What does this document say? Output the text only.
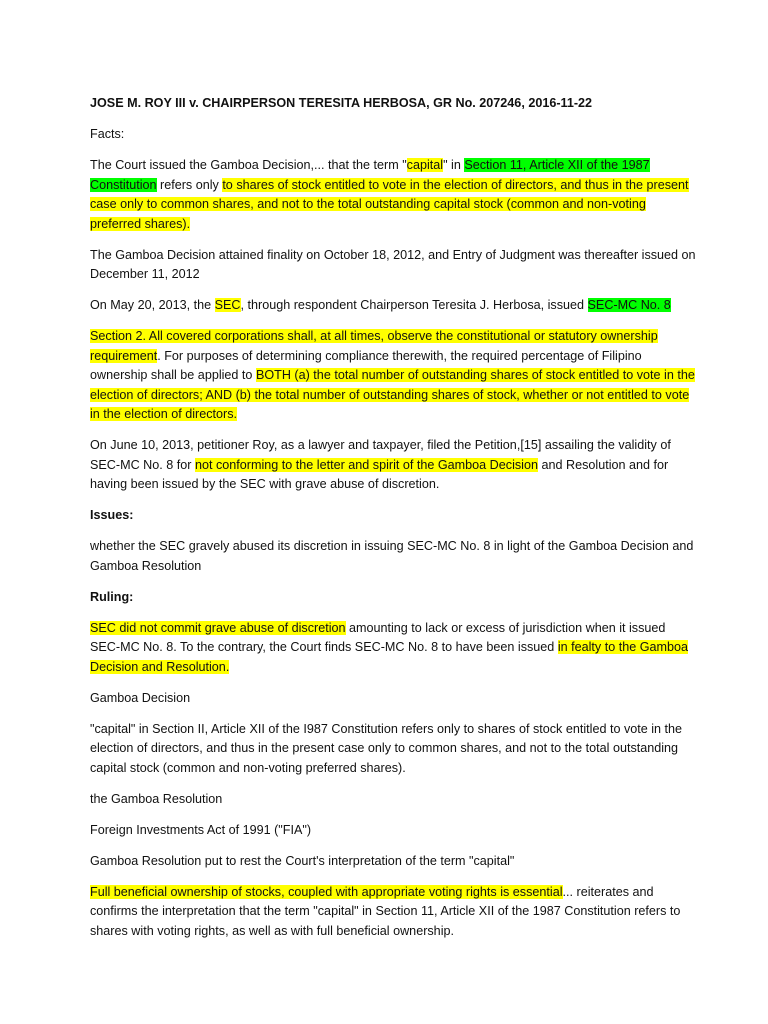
JOSE M. ROY III v. CHAIRPERSON TERESITA HERBOSA, GR No. 207246, 2016-11-22

Facts:

The Court issued the Gamboa Decision,... that the term "capital" in Section 11, Article XII of the 1987 Constitution refers only to shares of stock entitled to vote in the election of directors, and thus in the present case only to common shares, and not to the total outstanding capital stock (common and non-voting preferred shares).

The Gamboa Decision attained finality on October 18, 2012, and Entry of Judgment was thereafter issued on December 11, 2012

On May 20, 2013, the SEC, through respondent Chairperson Teresita J. Herbosa, issued SEC-MC No. 8

Section 2. All covered corporations shall, at all times, observe the constitutional or statutory ownership requirement. For purposes of determining compliance therewith, the required percentage of Filipino ownership shall be applied to BOTH (a) the total number of outstanding shares of stock entitled to vote in the election of directors; AND (b) the total number of outstanding shares of stock, whether or not entitled to vote in the election of directors.

On June 10, 2013, petitioner Roy, as a lawyer and taxpayer, filed the Petition,[15] assailing the validity of SEC-MC No. 8 for not conforming to the letter and spirit of the Gamboa Decision and Resolution and for having been issued by the SEC with grave abuse of discretion.

Issues:

whether the SEC gravely abused its discretion in issuing SEC-MC No. 8 in light of the Gamboa Decision and Gamboa Resolution

Ruling:

SEC did not commit grave abuse of discretion amounting to lack or excess of jurisdiction when it issued SEC-MC No. 8. To the contrary, the Court finds SEC-MC No. 8 to have been issued in fealty to the Gamboa Decision and Resolution.

Gamboa Decision

"capital" in Section II, Article XII of the I987 Constitution refers only to shares of stock entitled to vote in the election of directors, and thus in the present case only to common shares, and not to the total outstanding capital stock (common and non-voting preferred shares).

the Gamboa Resolution

Foreign Investments Act of 1991 ("FIA")

Gamboa Resolution put to rest the Court's interpretation of the term "capital"

Full beneficial ownership of stocks, coupled with appropriate voting rights is essential... reiterates and confirms the interpretation that the term "capital" in Section 11, Article XII of the 1987 Constitution refers to shares with voting rights, as well as with full beneficial ownership.
